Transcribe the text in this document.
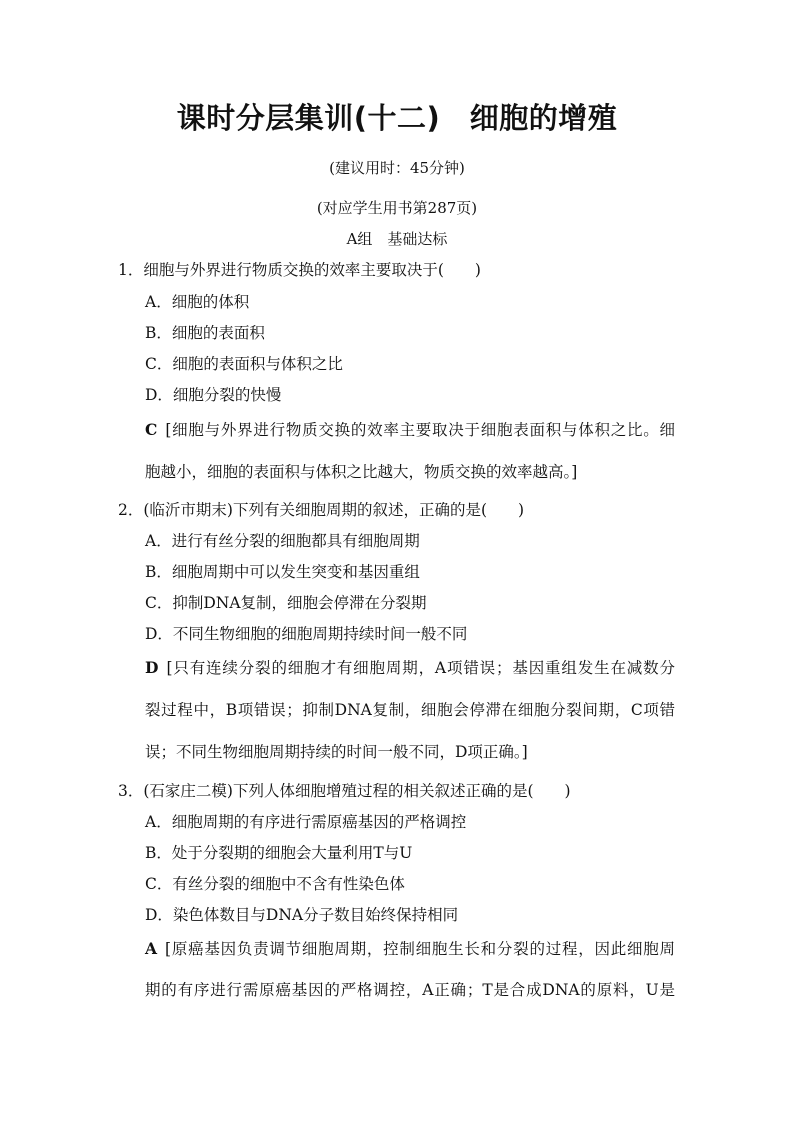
课时分层集训(十二)　细胞的增殖
(建议用时：45分钟)
(对应学生用书第287页)
A组　基础达标
1．细胞与外界进行物质交换的效率主要取决于(　　)
A．细胞的体积
B．细胞的表面积
C．细胞的表面积与体积之比
D．细胞分裂的快慢
C [细胞与外界进行物质交换的效率主要取决于细胞表面积与体积之比。细
胞越小，细胞的表面积与体积之比越大，物质交换的效率越高。]
2．(临沂市期末)下列有关细胞周期的叙述，正确的是(　　)
A．进行有丝分裂的细胞都具有细胞周期
B．细胞周期中可以发生突变和基因重组
C．抑制DNA复制，细胞会停滞在分裂期
D．不同生物细胞的细胞周期持续时间一般不同
D [只有连续分裂的细胞才有细胞周期，A项错误；基因重组发生在减数分
裂过程中，B项错误；抑制DNA复制，细胞会停滞在细胞分裂间期，C项错
误；不同生物细胞周期持续的时间一般不同，D项正确。]
3．(石家庄二模)下列人体细胞增殖过程的相关叙述正确的是(　　)
A．细胞周期的有序进行需原癌基因的严格调控
B．处于分裂期的细胞会大量利用T与U
C．有丝分裂的细胞中不含有性染色体
D．染色体数目与DNA分子数目始终保持相同
A [原癌基因负责调节细胞周期，控制细胞生长和分裂的过程，因此细胞周
期的有序进行需原癌基因的严格调控，A正确；T是合成DNA的原料，U是
